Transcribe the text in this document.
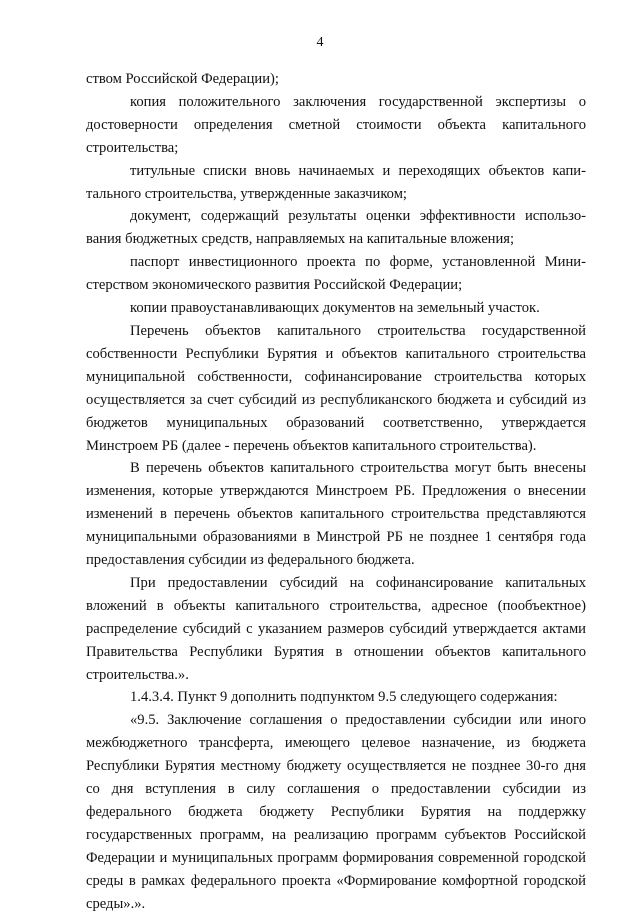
4

ством Российской Федерации);

копия положительного заключения государственной экспертизы о достоверности определения сметной стоимости объекта капитального строительства;

титульные списки вновь начинаемых и переходящих объектов капитального строительства, утвержденные заказчиком;

документ, содержащий результаты оценки эффективности использования бюджетных средств, направляемых на капитальные вложения;

паспорт инвестиционного проекта по форме, установленной Министерством экономического развития Российской Федерации;

копии правоустанавливающих документов на земельный участок.

Перечень объектов капитального строительства государственной собственности Республики Бурятия и объектов капитального строительства муниципальной собственности, софинансирование строительства которых осуществляется за счет субсидий из республиканского бюджета и субсидий из бюджетов муниципальных образований соответственно, утверждается Минстроем РБ (далее - перечень объектов капитального строительства).

В перечень объектов капитального строительства могут быть внесены изменения, которые утверждаются Минстроем РБ. Предложения о внесении изменений в перечень объектов капитального строительства представляются муниципальными образованиями в Минстрой РБ не позднее 1 сентября года предоставления субсидии из федерального бюджета.

При предоставлении субсидий на софинансирование капитальных вложений в объекты капитального строительства, адресное (пообъектное) распределение субсидий с указанием размеров субсидий утверждается актами Правительства Республики Бурятия в отношении объектов капитального строительства.».

1.4.3.4. Пункт 9 дополнить подпунктом 9.5 следующего содержания:

«9.5. Заключение соглашения о предоставлении субсидии или иного межбюджетного трансферта, имеющего целевое назначение, из бюджета Республики Бурятия местному бюджету осуществляется не позднее 30-го дня со дня вступления в силу соглашения о предоставлении субсидии из федерального бюджета бюджету Республики Бурятия на поддержку государственных программ, на реализацию программ субъектов Российской Федерации и муниципальных программ формирования современной городской среды в рамках федерального проекта «Формирование комфортной городской среды».».
